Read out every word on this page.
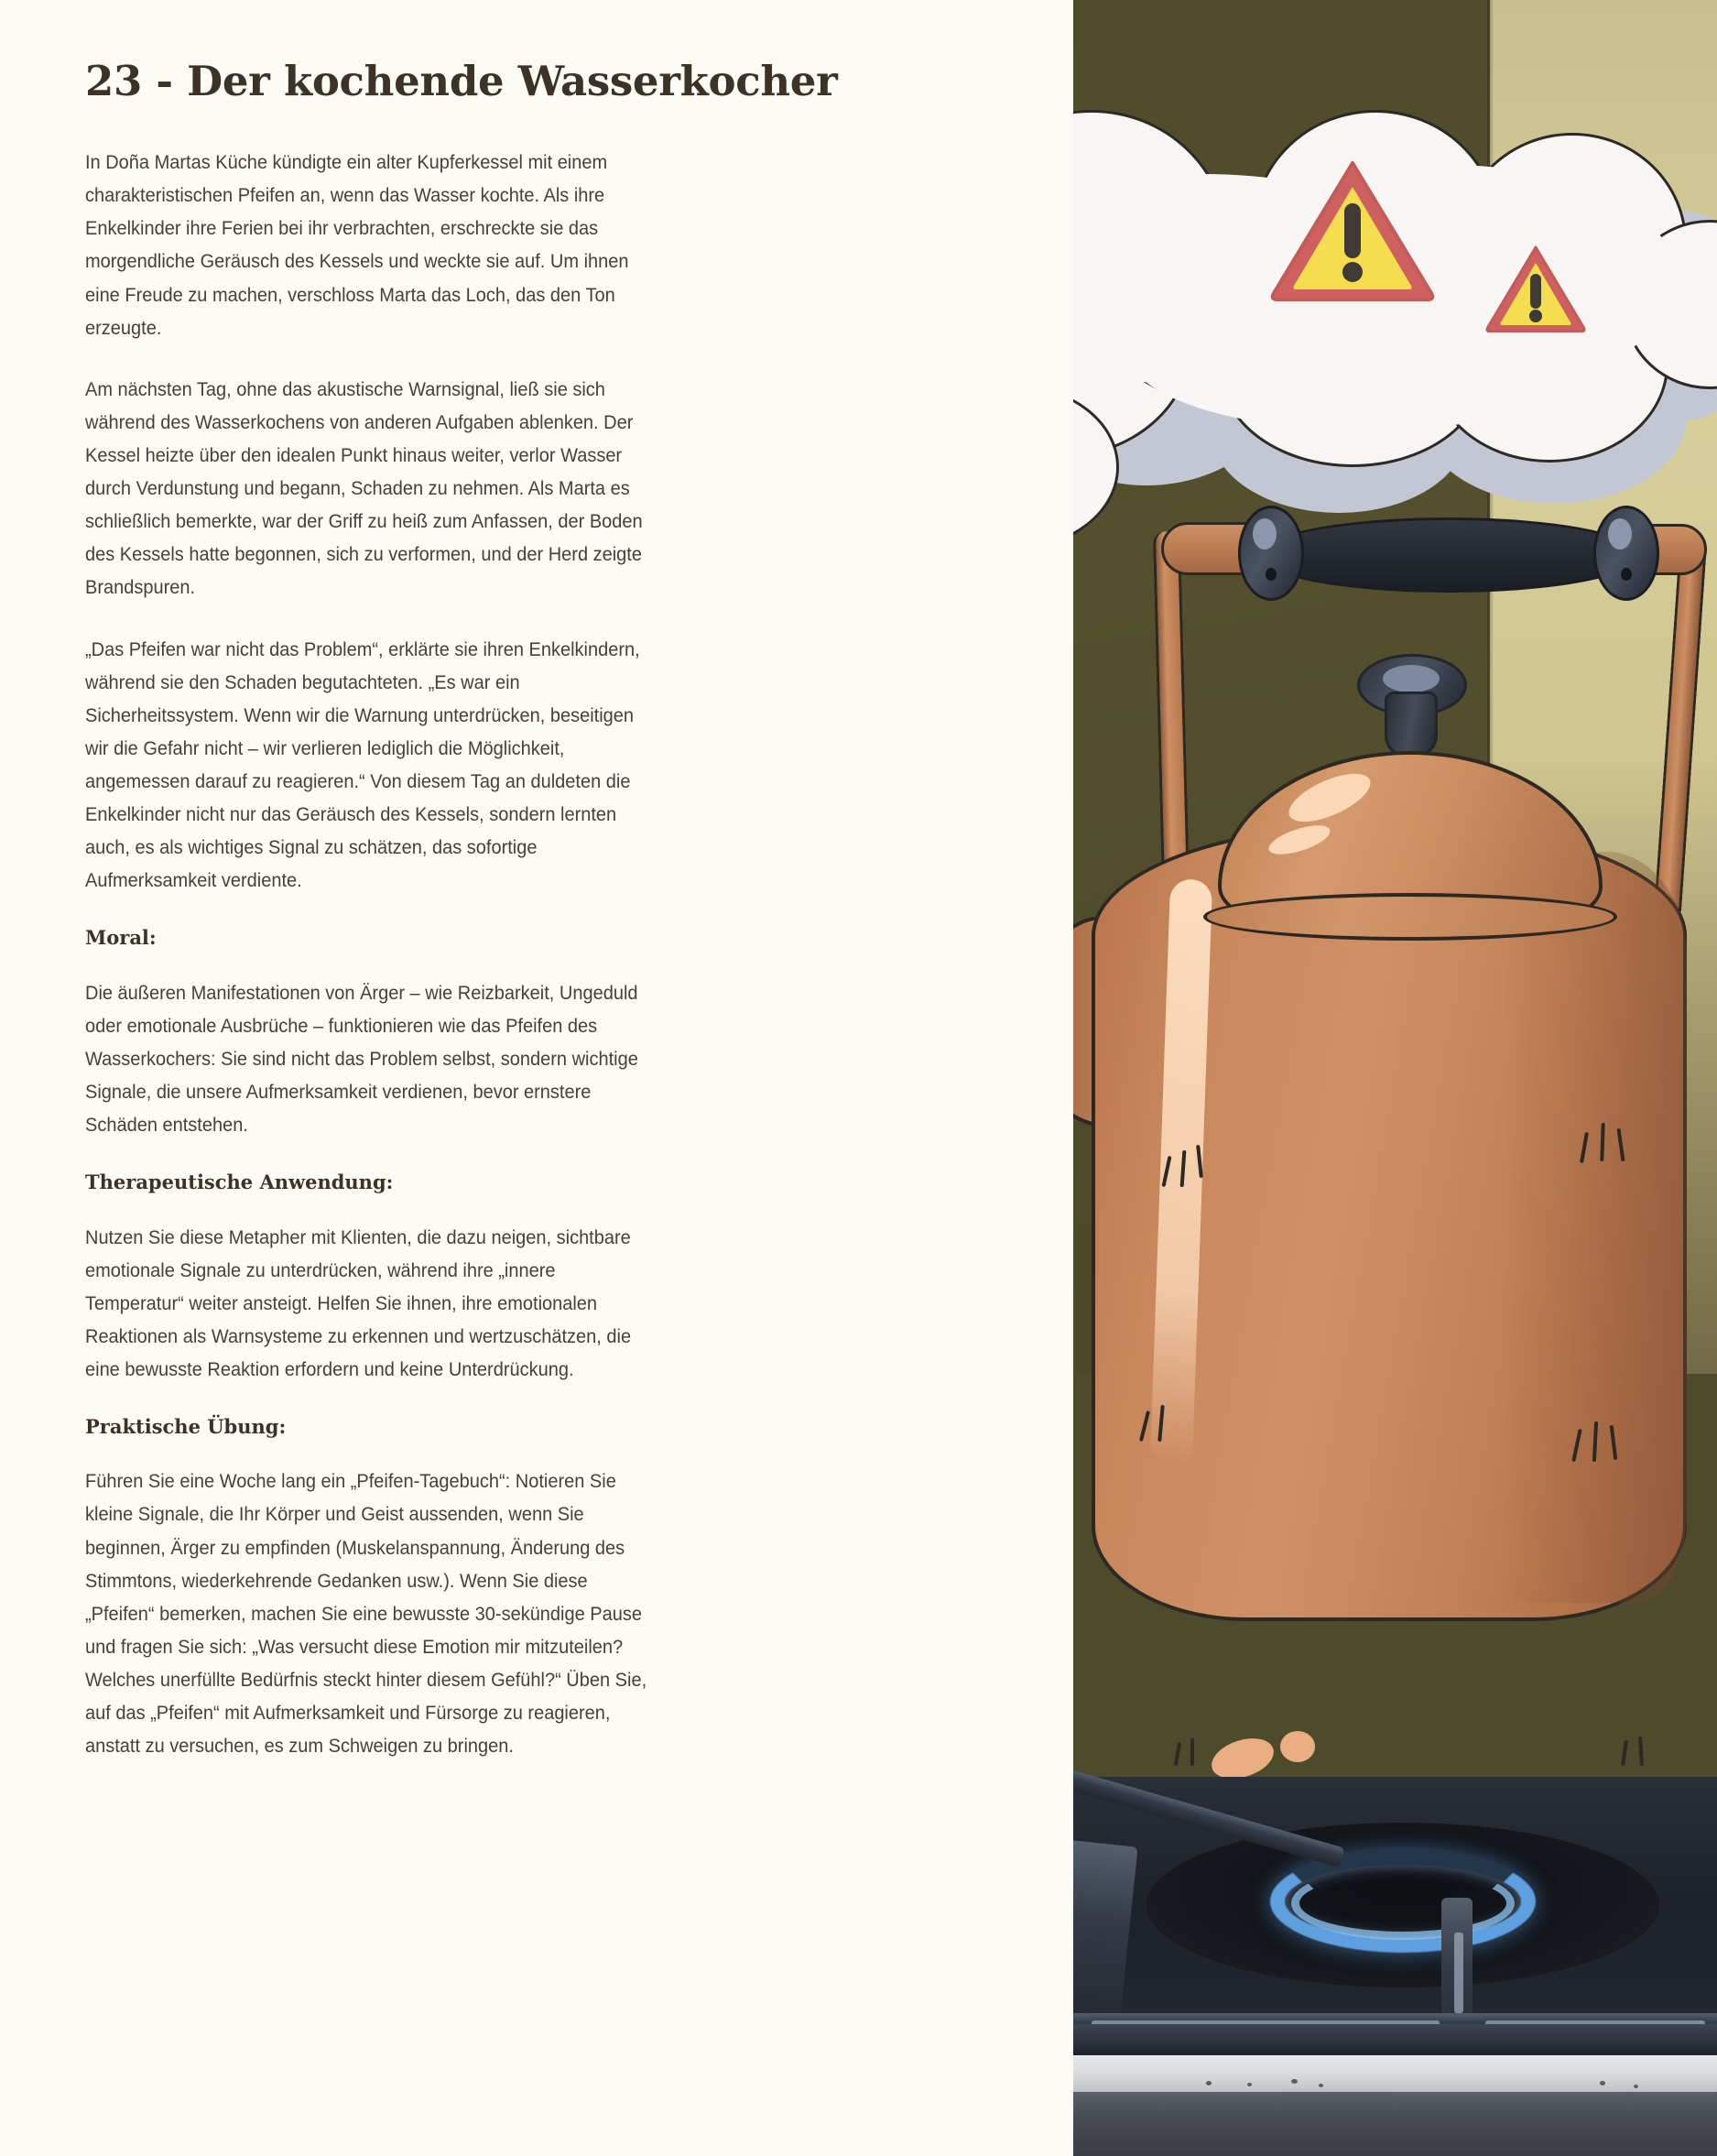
23 - Der kochende Wasserkocher

In Doña Martas Küche kündigte ein alter Kupferkessel mit einem charakteristischen Pfeifen an, wenn das Wasser kochte. Als ihre Enkelkinder ihre Ferien bei ihr verbrachten, erschreckte sie das morgendliche Geräusch des Kessels und weckte sie auf. Um ihnen eine Freude zu machen, verschloss Marta das Loch, das den Ton erzeugte.

Am nächsten Tag, ohne das akustische Warnsignal, ließ sie sich während des Wasserkochens von anderen Aufgaben ablenken. Der Kessel heizte über den idealen Punkt hinaus weiter, verlor Wasser durch Verdunstung und begann, Schaden zu nehmen. Als Marta es schließlich bemerkte, war der Griff zu heiß zum Anfassen, der Boden des Kessels hatte begonnen, sich zu verformen, und der Herd zeigte Brandspuren.

„Das Pfeifen war nicht das Problem“, erklärte sie ihren Enkelkindern, während sie den Schaden begutachteten. „Es war ein Sicherheitssystem. Wenn wir die Warnung unterdrücken, beseitigen wir die Gefahr nicht – wir verlieren lediglich die Möglichkeit, angemessen darauf zu reagieren.“ Von diesem Tag an duldeten die Enkelkinder nicht nur das Geräusch des Kessels, sondern lernten auch, es als wichtiges Signal zu schätzen, das sofortige Aufmerksamkeit verdiente.

Moral:

Die äußeren Manifestationen von Ärger – wie Reizbarkeit, Ungeduld oder emotionale Ausbrüche – funktionieren wie das Pfeifen des Wasserkochers: Sie sind nicht das Problem selbst, sondern wichtige Signale, die unsere Aufmerksamkeit verdienen, bevor ernstere Schäden entstehen.

Therapeutische Anwendung:

Nutzen Sie diese Metapher mit Klienten, die dazu neigen, sichtbare emotionale Signale zu unterdrücken, während ihre „innere Temperatur“ weiter ansteigt. Helfen Sie ihnen, ihre emotionalen Reaktionen als Warnsysteme zu erkennen und wertzuschätzen, die eine bewusste Reaktion erfordern und keine Unterdrückung.

Praktische Übung:

Führen Sie eine Woche lang ein „Pfeifen-Tagebuch“: Notieren Sie kleine Signale, die Ihr Körper und Geist aussenden, wenn Sie beginnen, Ärger zu empfinden (Muskelanspannung, Änderung des Stimmtons, wiederkehrende Gedanken usw.). Wenn Sie diese „Pfeifen“ bemerken, machen Sie eine bewusste 30-sekündige Pause und fragen Sie sich: „Was versucht diese Emotion mir mitzuteilen? Welches unerfüllte Bedürfnis steckt hinter diesem Gefühl?“ Üben Sie, auf das „Pfeifen“ mit Aufmerksamkeit und Fürsorge zu reagieren, anstatt zu versuchen, es zum Schweigen zu bringen.
